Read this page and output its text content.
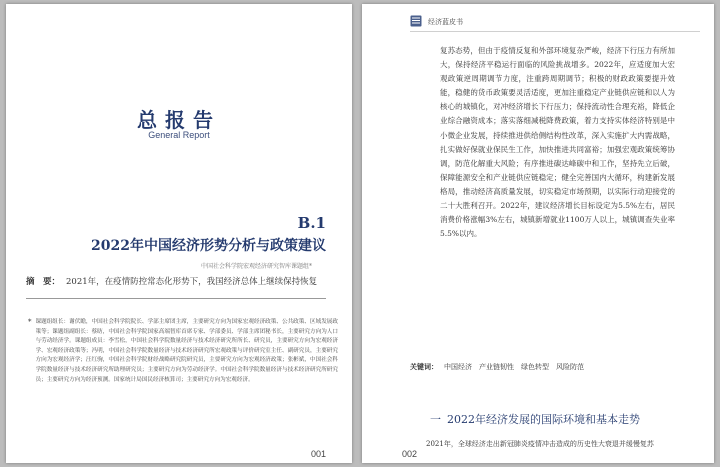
总报告
General Report
B.1
2022年中国经济形势分析与政策建议
中国社会科学院宏观经济研究智库课题组*
摘　要： 2021年，在疫情防控常态化形势下，我国经济总体上继续保持恢复
* 课题组组长：谢伏瞻，中国社会科学院院长、学部主席团主席，主要研究方向为国家宏观经济政策、公共政策、区域发展政策等；课题组副组长：蔡昉，中国社会科学院国家高端智库首席专家、学部委员、学部主席团秘书长，主要研究方向为人口与劳动经济学。课题组成员：李雪松，中国社会科学院数量经济与技术经济研究所所长、研究员，主要研究方向为宏观经济学、宏观经济政策等；冯明，中国社会科学院数量经济与技术经济研究所宏观政策与评价研究室主任、副研究员，主要研究方向为宏观经济学；汪红驹，中国社会科学院财经战略研究院研究员，主要研究方向为宏观经济政策；张彬斌，中国社会科学院数量经济与技术经济研究所助理研究员；主要研究方向为劳动经济学。中国社会科学院数量经济与技术经济研究所研究员；主要研究方向为经济预测。国家统计局国民经济核算司；主要研究方向为宏观经济。
001
经济蓝皮书
复苏态势，但由于疫情反复和外部环境复杂严峻，经济下行压力有所加大，保持经济平稳运行面临的风险挑战增多。2022年，应适度加大宏观政策逆周期调节力度，注重跨周期调节；积极的财政政策要提升效能，稳健的货币政策要灵活适度，更加注重稳定产业链供应链和以人为核心的城镇化，对冲经济增长下行压力；保持流动性合理充裕，降低企业综合融资成本；落实落细减税降费政策，着力支持实体经济特别是中小微企业发展，持续推进供给侧结构性改革，深入实施扩大内需战略，扎实做好保就业保民生工作，加快推进共同富裕；加强宏观政策统筹协调，防范化解重大风险；有序推进碳达峰碳中和工作，坚持先立后破，保障能源安全和产业链供应链稳定；健全完善国内大循环，构建新发展格局，推动经济高质量发展，切实稳定市场预期，以实际行动迎接党的二十大胜利召开。2022年，建议经济增长目标设定为5.5%左右，居民消费价格涨幅3%左右，城镇新增就业1100万人以上，城镇调查失业率5.5%以内。
关键词： 中国经济　产业链韧性　绿色转型　风险防范
一 2022年经济发展的国际环境和基本走势
2021年，全球经济走出新冠肺炎疫情冲击造成的历史性大衰退并缓慢复苏
002
